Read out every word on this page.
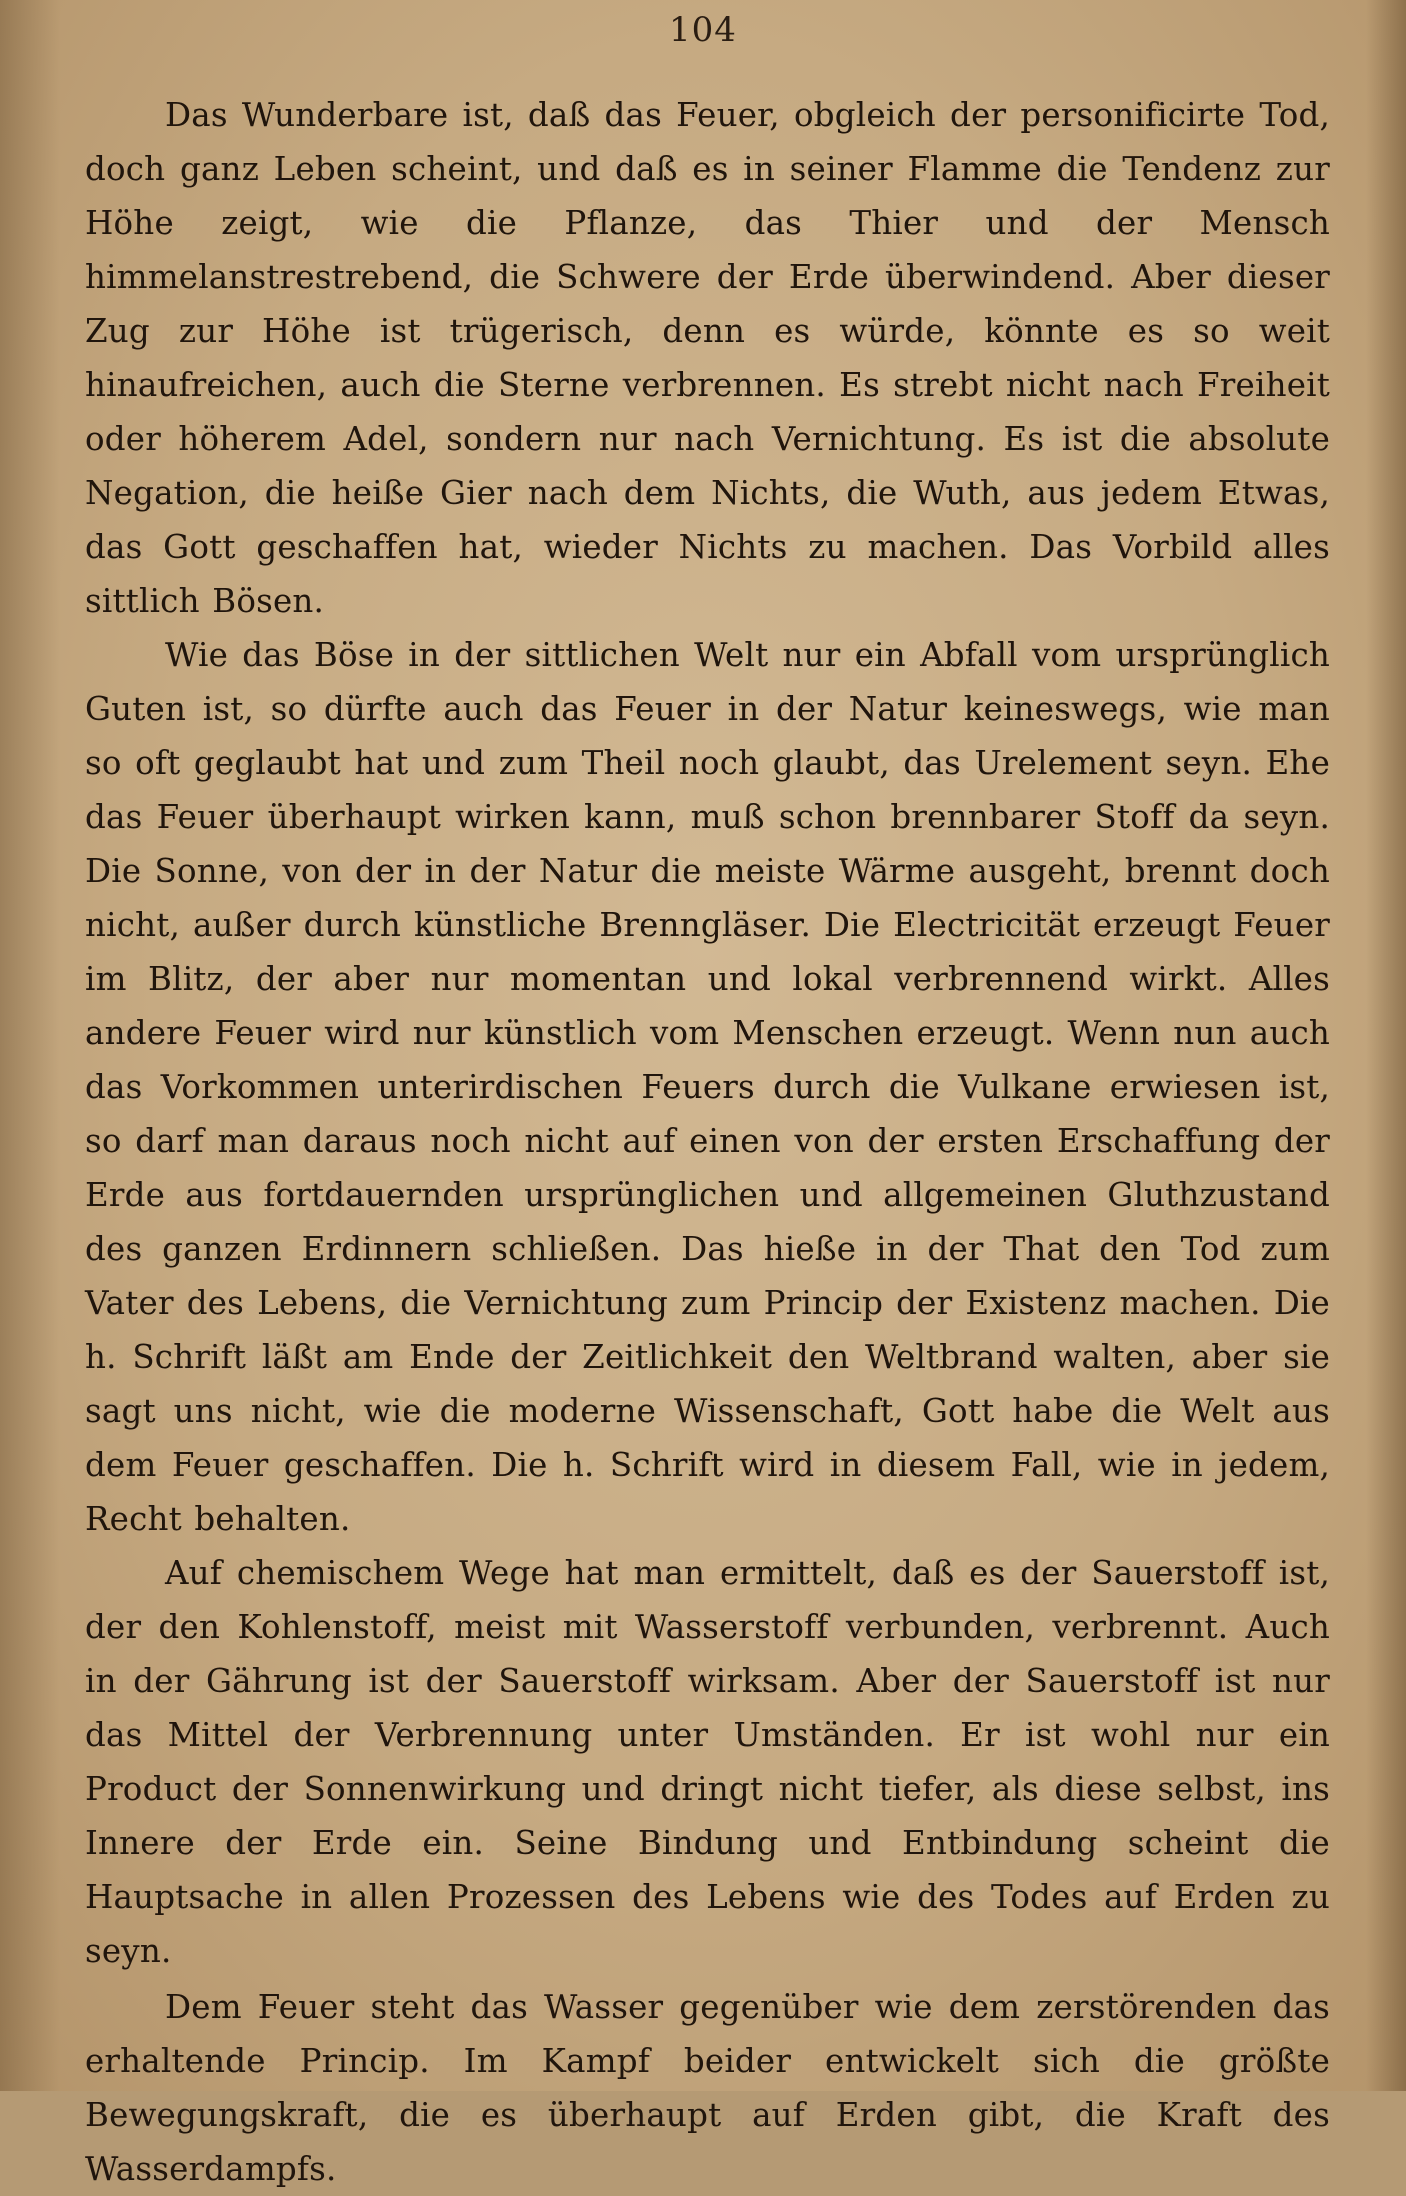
104

Das Wunderbare ist, daß das Feuer, obgleich der personificirte Tod, doch ganz Leben scheint, und daß es in seiner Flamme die Tendenz zur Höhe zeigt, wie die Pflanze, das Thier und der Mensch himmelanstrestrebend, die Schwere der Erde überwindend. Aber dieser Zug zur Höhe ist trügerisch, denn es würde, könnte es so weit hinaufreichen, auch die Sterne verbrennen. Es strebt nicht nach Freiheit oder höherem Adel, sondern nur nach Vernichtung. Es ist die absolute Negation, die heiße Gier nach dem Nichts, die Wuth, aus jedem Etwas, das Gott geschaffen hat, wieder Nichts zu machen. Das Vorbild alles sittlich Bösen.

Wie das Böse in der sittlichen Welt nur ein Abfall vom ursprünglich Guten ist, so dürfte auch das Feuer in der Natur keineswegs, wie man so oft geglaubt hat und zum Theil noch glaubt, das Urelement seyn. Ehe das Feuer überhaupt wirken kann, muß schon brennbarer Stoff da seyn. Die Sonne, von der in der Natur die meiste Wärme ausgeht, brennt doch nicht, außer durch künstliche Brenngläser. Die Electricität erzeugt Feuer im Blitz, der aber nur momentan und lokal verbrennend wirkt. Alles andere Feuer wird nur künstlich vom Menschen erzeugt. Wenn nun auch das Vorkommen unterirdischen Feuers durch die Vulkane erwiesen ist, so darf man daraus noch nicht auf einen von der ersten Erschaffung der Erde aus fortdauernden ursprünglichen und allgemeinen Gluthzustand des ganzen Erdinnern schließen. Das hieße in der That den Tod zum Vater des Lebens, die Vernichtung zum Princip der Existenz machen. Die h. Schrift läßt am Ende der Zeitlichkeit den Weltbrand walten, aber sie sagt uns nicht, wie die moderne Wissenschaft, Gott habe die Welt aus dem Feuer geschaffen. Die h. Schrift wird in diesem Fall, wie in jedem, Recht behalten.

Auf chemischem Wege hat man ermittelt, daß es der Sauerstoff ist, der den Kohlenstoff, meist mit Wasserstoff verbunden, verbrennt. Auch in der Gährung ist der Sauerstoff wirksam. Aber der Sauerstoff ist nur das Mittel der Verbrennung unter Umständen. Er ist wohl nur ein Product der Sonnenwirkung und dringt nicht tiefer, als diese selbst, ins Innere der Erde ein. Seine Bindung und Entbindung scheint die Hauptsache in allen Prozessen des Lebens wie des Todes auf Erden zu seyn.

Dem Feuer steht das Wasser gegenüber wie dem zerstörenden das erhaltende Princip. Im Kampf beider entwickelt sich die größte Bewegungskraft, die es überhaupt auf Erden gibt, die Kraft des Wasserdampfs.
